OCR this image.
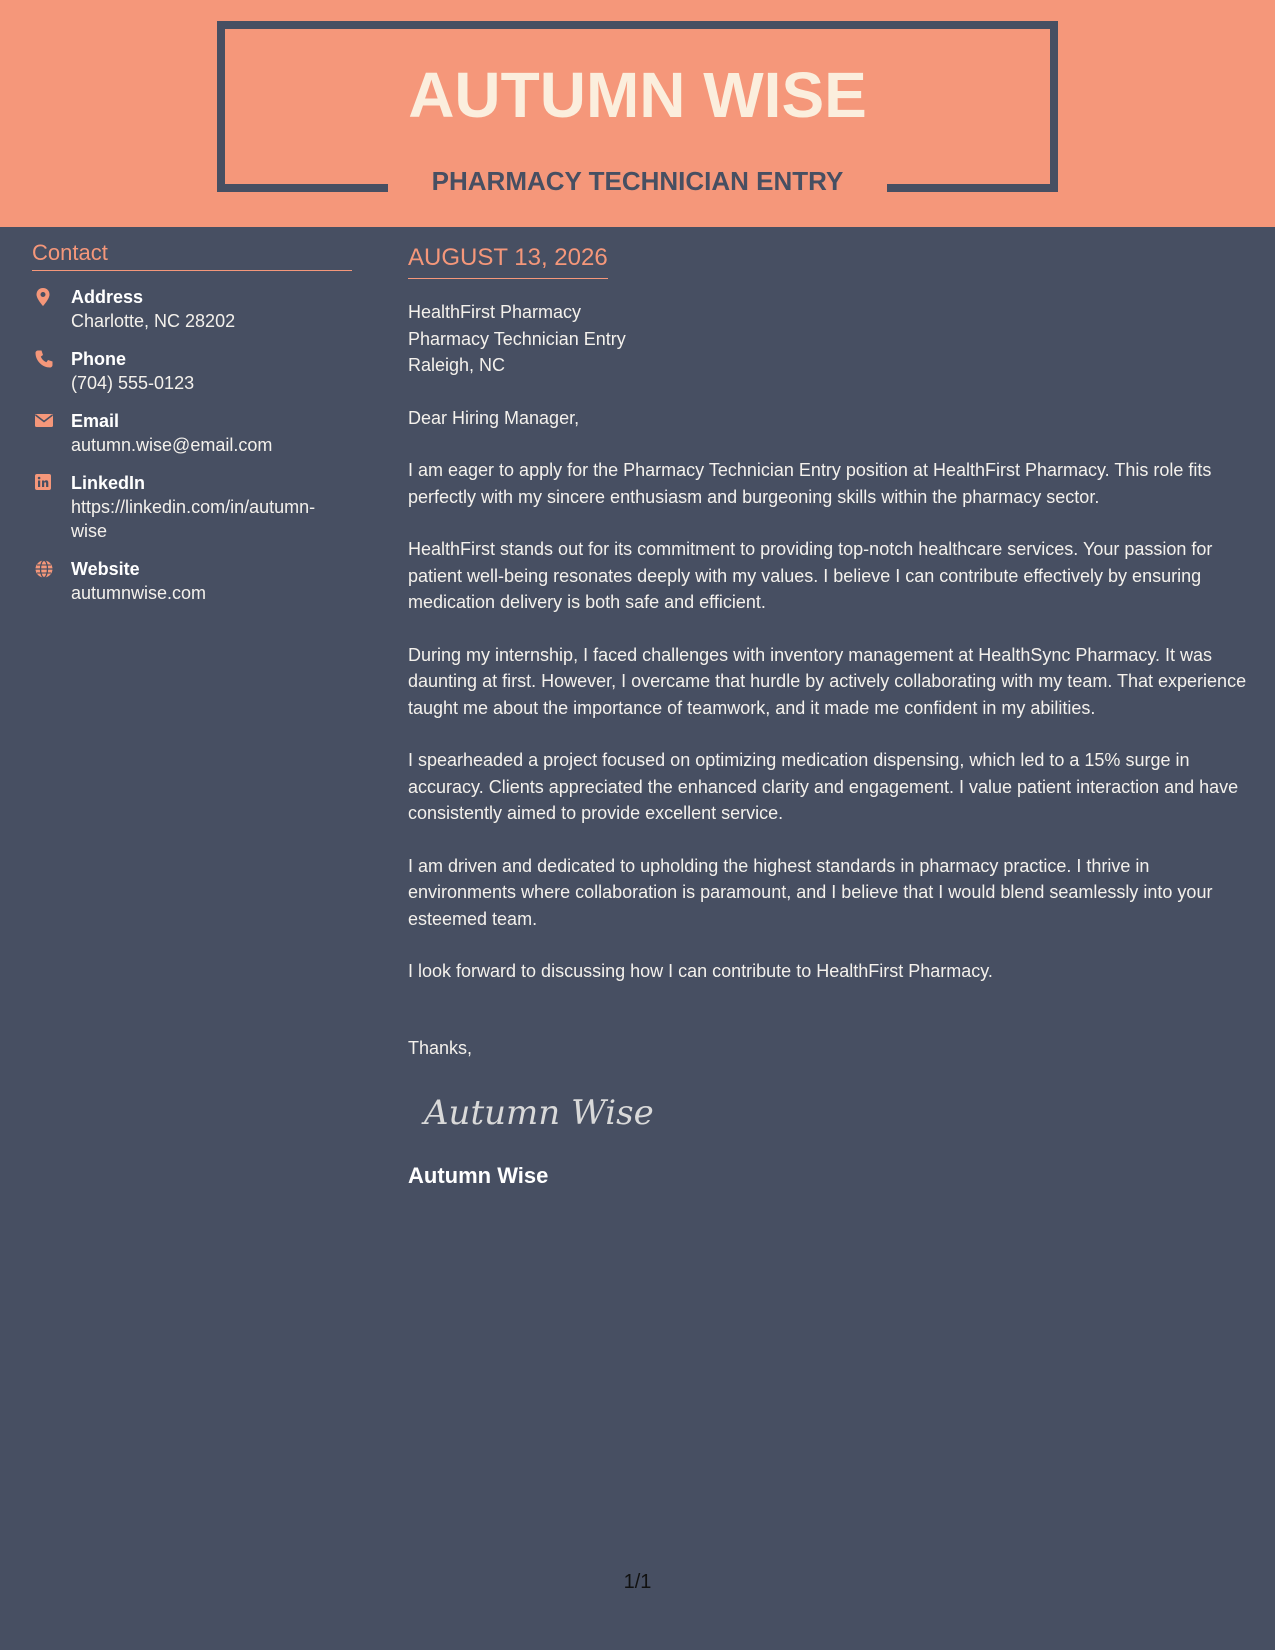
AUTUMN WISE
PHARMACY TECHNICIAN ENTRY
Contact
Address
Charlotte, NC 28202
Phone
(704) 555-0123
Email
autumn.wise@email.com
LinkedIn
https://linkedin.com/in/autumn-wise
Website
autumnwise.com
AUGUST 13, 2026
HealthFirst Pharmacy
Pharmacy Technician Entry
Raleigh, NC
Dear Hiring Manager,
I am eager to apply for the Pharmacy Technician Entry position at HealthFirst Pharmacy. This role fits perfectly with my sincere enthusiasm and burgeoning skills within the pharmacy sector.
HealthFirst stands out for its commitment to providing top-notch healthcare services. Your passion for patient well-being resonates deeply with my values. I believe I can contribute effectively by ensuring medication delivery is both safe and efficient.
During my internship, I faced challenges with inventory management at HealthSync Pharmacy. It was daunting at first. However, I overcame that hurdle by actively collaborating with my team. That experience taught me about the importance of teamwork, and it made me confident in my abilities.
I spearheaded a project focused on optimizing medication dispensing, which led to a 15% surge in accuracy. Clients appreciated the enhanced clarity and engagement. I value patient interaction and have consistently aimed to provide excellent service.
I am driven and dedicated to upholding the highest standards in pharmacy practice. I thrive in environments where collaboration is paramount, and I believe that I would blend seamlessly into your esteemed team.
I look forward to discussing how I can contribute to HealthFirst Pharmacy.
Thanks,
Autumn Wise
Autumn Wise
1/1
